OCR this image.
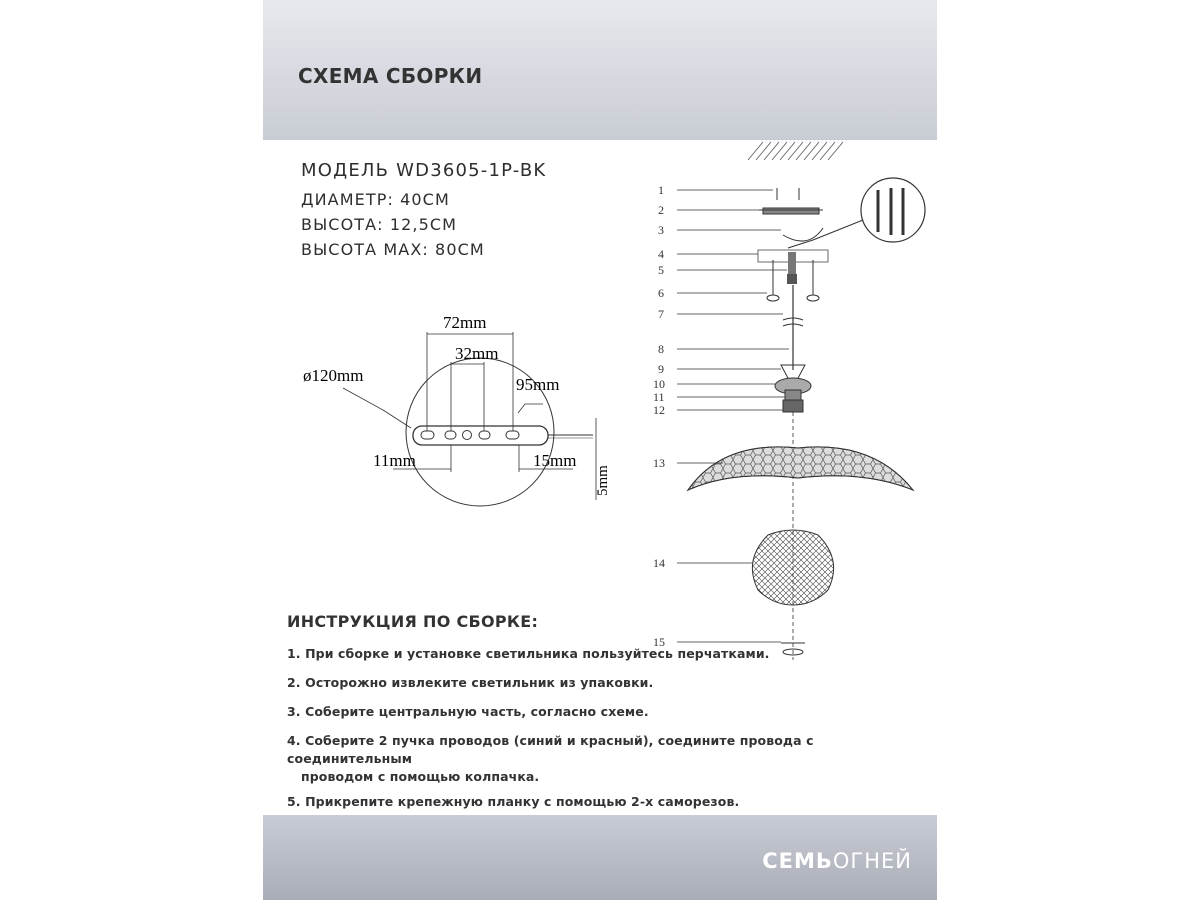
СХЕМА СБОРКИ
МОДЕЛЬ WD3605-1P-BK
ДИАМЕТР: 40СМ
ВЫСОТА: 12,5СМ
ВЫСОТА MAX: 80СМ
72mm
32mm
ø120mm	95mm
11mm	15mm
5mm
1
2
3
4
5
6
7
8
9
10
11
12
13
14
15
ИНСТРУКЦИЯ ПО СБОРКЕ:
1. При сборке и установке светильника пользуйтесь перчатками.
2. Осторожно извлеките светильник из упаковки.
3. Соберите центральную часть, согласно схеме.
4. Соберите 2 пучка проводов (синий и красный), соедините провода с соединительным
проводом с помощью колпачка.
5. Прикрепите крепежную планку с помощью 2-х саморезов.
СЕМЬОГНЕЙ
